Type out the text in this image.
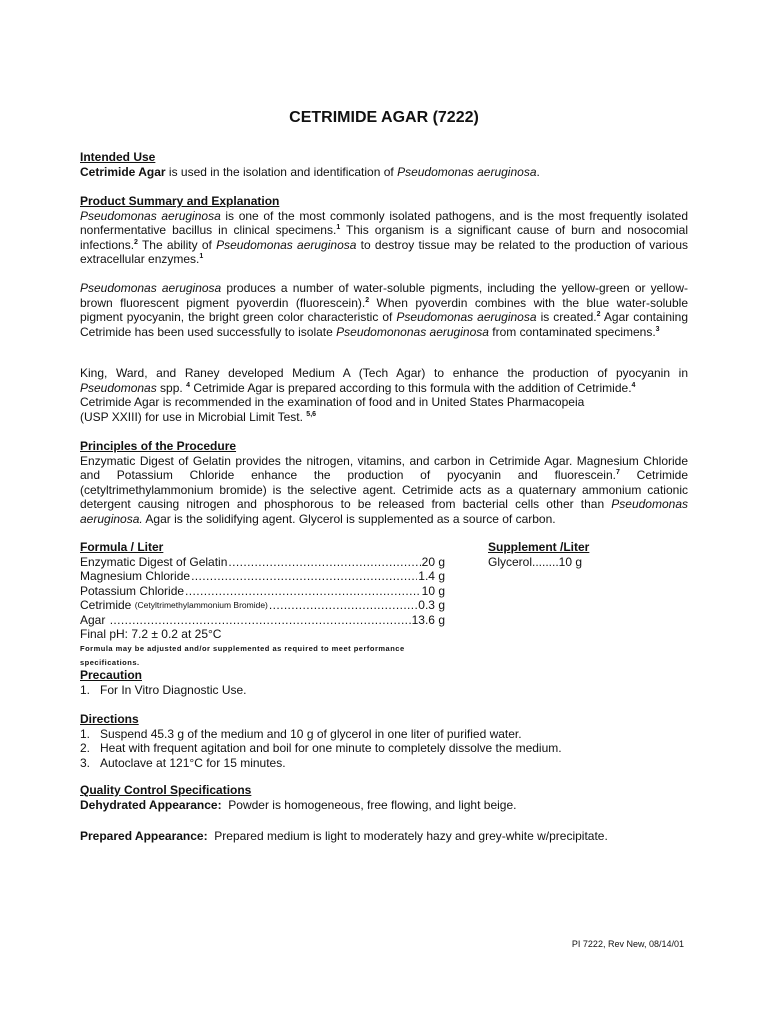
CETRIMIDE AGAR (7222)
Intended Use

Cetrimide Agar is used in the isolation and identification of Pseudomonas aeruginosa.

Product Summary and Explanation

Pseudomonas aeruginosa is one of the most commonly isolated pathogens, and is the most frequently isolated nonfermentative bacillus in clinical specimens.$^1$ This organism is a significant cause of burn and nosocomial infections.$^2$ The ability of Pseudomonas aeruginosa to destroy tissue may be related to the production of various extracellular enzymes.$^1$

Pseudomonas aeruginosa produces a number of water-soluble pigments, including the yellow-green or yellow-brown fluorescent pigment pyoverdin (fluorescein).$^2$ When pyoverdin combines with the blue water-soluble pigment pyocyanin, the bright green color characteristic of Pseudomonas aeruginosa is created.$^2$ Agar containing Cetrimide has been used successfully to isolate Pseudomononas aeruginosa from contaminated specimens.$^3$

King, Ward, and Raney developed Medium A (Tech Agar) to enhance the production of pyocyanin in Pseudomonas spp. $^4$ Cetrimide Agar is prepared according to this formula with the addition of Cetrimide.$^4$
Cetrimide Agar is recommended in the examination of food and in United States Pharmacopeia
(USP XXIII) for use in Microbial Limit Test. $^{5,6}$

Principles of the Procedure

Enzymatic Digest of Gelatin provides the nitrogen, vitamins, and carbon in Cetrimide Agar. Magnesium Chloride and Potassium Chloride enhance the production of pyocyanin and fluorescein.$^7$ Cetrimide (cetyltrimethylammonium bromide) is the selective agent. Cetrimide acts as a quaternary ammonium cationic detergent causing nitrogen and phosphorous to be released from bacterial cells other than Pseudomonas aeruginosa. Agar is the solidifying agent. Glycerol is supplemented as a source of carbon.

Formula / Liter
Enzymatic Digest of Gelatin .....	20 g
Magnesium Chloride .....	1.4 g
Potassium Chloride .....	10 g
Cetrimide (Cetyltrimethylammonium Bromide) .....	0.3 g
Agar .....	13.6 g
Final pH: 7.2 ± 0.2 at 25°C
Formula may be adjusted and/or supplemented as required to meet performance specifications.
Supplement /Liter
Glycerol........10 g
Precaution
1. For In Vitro Diagnostic Use.
Directions
1. Suspend 45.3 g of the medium and 10 g of glycerol in one liter of purified water.
2. Heat with frequent agitation and boil for one minute to completely dissolve the medium.
3. Autoclave at 121°C for 15 minutes.
Quality Control Specifications

Dehydrated Appearance:  Powder is homogeneous, free flowing, and light beige.

Prepared Appearance:  Prepared medium is light to moderately hazy and grey-white w/precipitate.

PI 7222, Rev New, 08/14/01
